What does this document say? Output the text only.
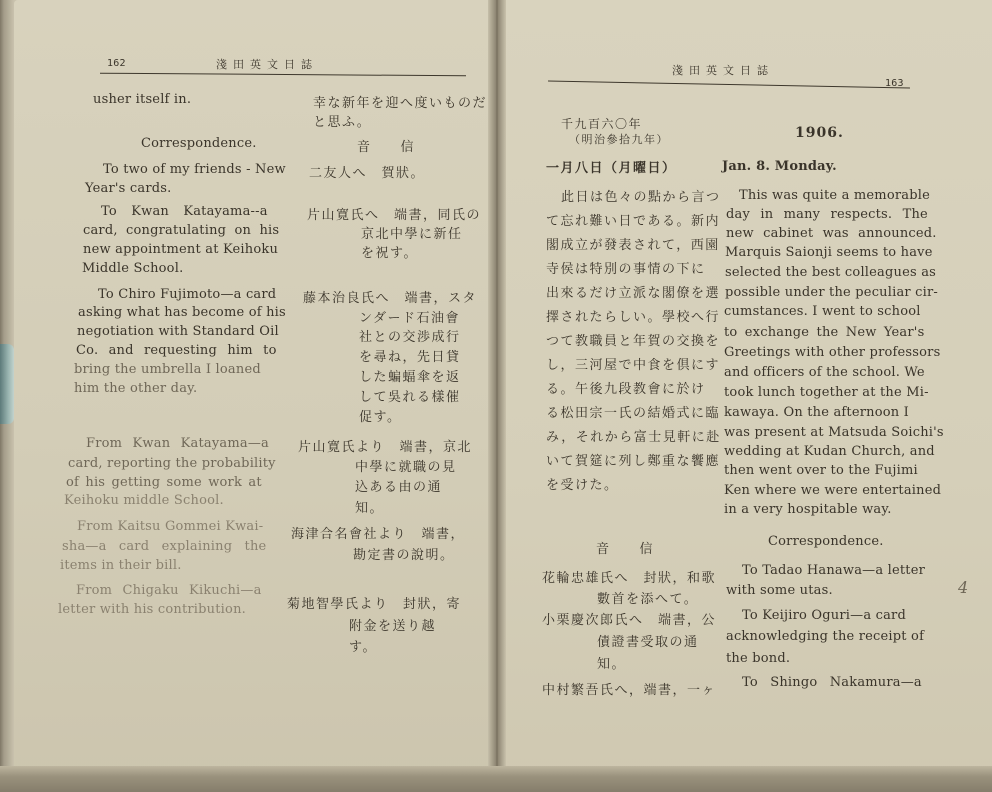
162	淺田英文日誌
usher itself in.
Correspondence.
To two of my friends - New
Year's cards.
To Kwan Katayama--a
card, congratulating on his
new appointment at Keihoku
Middle School.
To Chiro Fujimoto—a card
asking what has become of his
negotiation with Standard Oil
Co. and requesting him to
bring the umbrella I loaned
him the other day.
From Kwan Katayama—a
card, reporting the probability
of his getting some work at
Keihoku middle School.
From Kaitsu Gommei Kwai-
sha—a card explaining the
items in their bill.
From Chigaku Kikuchi—a
letter with his contribution.
幸な新年を迎へ度いものだ
と思ふ。
音　　信
二友人へ　賀狀。
片山寛氏へ　端書，同氏の
京北中學に新任
を祝す。
藤本治良氏へ　端書，スタ
ンダード石油會
社との交渉成行
を尋ね，先日貸
した蝙蝠傘を返
して吳れる樣催
促す。
片山寛氏より　端書，京北
中學に就職の見
込ある由の通
知。
海津合名會社より　端書，
勘定書の說明。
菊地智學氏より　封狀，寄
附金を送り越
す。
淺田英文日誌
163
千九百六〇年
（明治參拾九年）	1906.
一月八日（月曜日）	Jan. 8. Monday.
此日は色々の點から言つ
て忘れ難い日である。新内
閣成立が發表されて，西園
寺侯は特別の事情の下に
出來るだけ立派な閣僚を選
擇されたらしい。學校へ行
つて教職員と年賀の交換を
し，三河屋で中食を倶にす
る。午後九段教會に於け
る松田宗一氏の結婚式に臨
み，それから富士見軒に赴
いて賀筵に列し鄭重な饗應
を受けた。
音　　信
花輪忠雄氏へ　封狀，和歌
數首を添へて。
小栗慶次郎氏へ　端書，公
債證書受取の通
知。
中村繁吾氏へ，端書，一ヶ
This was quite a memorable
day in many respects. The
new cabinet was announced.
Marquis Saionji seems to have
selected the best colleagues as
possible under the peculiar cir-
cumstances. I went to school
to exchange the New Year's
Greetings with other professors
and officers of the school. We
took lunch together at the Mi-
kawaya. On the afternoon I
was present at Matsuda Soichi's
wedding at Kudan Church, and
then went over to the Fujimi
Ken where we were entertained
in a very hospitable way.
Correspondence.
To Tadao Hanawa—a letter
with some utas.
To Keijiro Oguri—a card
acknowledging the receipt of
the bond.
To Shingo Nakamura—a
4
